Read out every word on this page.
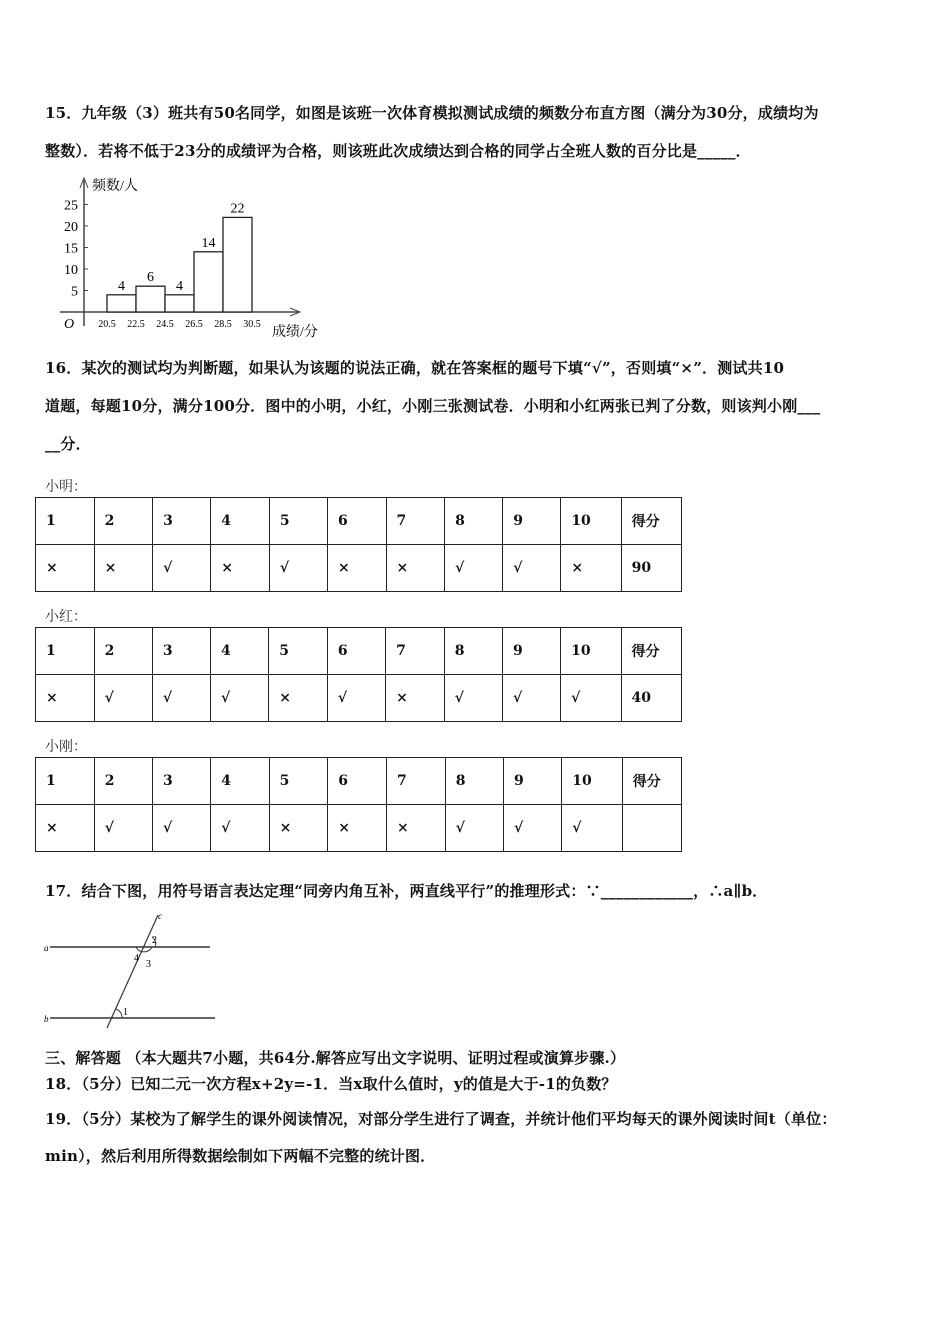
15．九年级（3）班共有50名同学，如图是该班一次体育模拟测试成绩的频数分布直方图（满分为30分，成绩均为
整数）．若将不低于23分的成绩评为合格，则该班此次成绩达到合格的同学占全班人数的百分比是_____．
频数/人
成绩/分
O
5
10
15
20
25
20.5 22.5 24.5 26.5 28.5 30.5
4
6
4
14
22
16．某次的测试均为判断题，如果认为该题的说法正确，就在答案框的题号下填“√”，否则填“×”．测试共10
道题，每题10分，满分100分．图中的小明，小红，小刚三张测试卷．小明和小红两张已判了分数，则该判小刚___
__分．
小明：
1	2	3	4	5	6	7	8	9	10	得分
×	×	√	×	√	×	×	√	√	×	90
小红：
1	2	3	4	5	6	7	8	9	10	得分
×	√	√	√	×	√	×	√	√	√	40
小刚：
1	2	3	4	5	6	7	8	9	10	得分
×	√	√	√	×	×	×	√	√	√	
17．结合下图，用符号语言表达定理“同旁内角互补，两直线平行”的推理形式：∵____________，∴a∥b．
a
b
c
1
2
3
4
三、解答题 （本大题共7小题，共64分.解答应写出文字说明、证明过程或演算步骤.）
18．（5分）已知二元一次方程x+2y=-1．当x取什么值时，y的值是大于-1的负数？
19．（5分）某校为了解学生的课外阅读情况，对部分学生进行了调查，并统计他们平均每天的课外阅读时间t（单位：
min），然后利用所得数据绘制如下两幅不完整的统计图．
